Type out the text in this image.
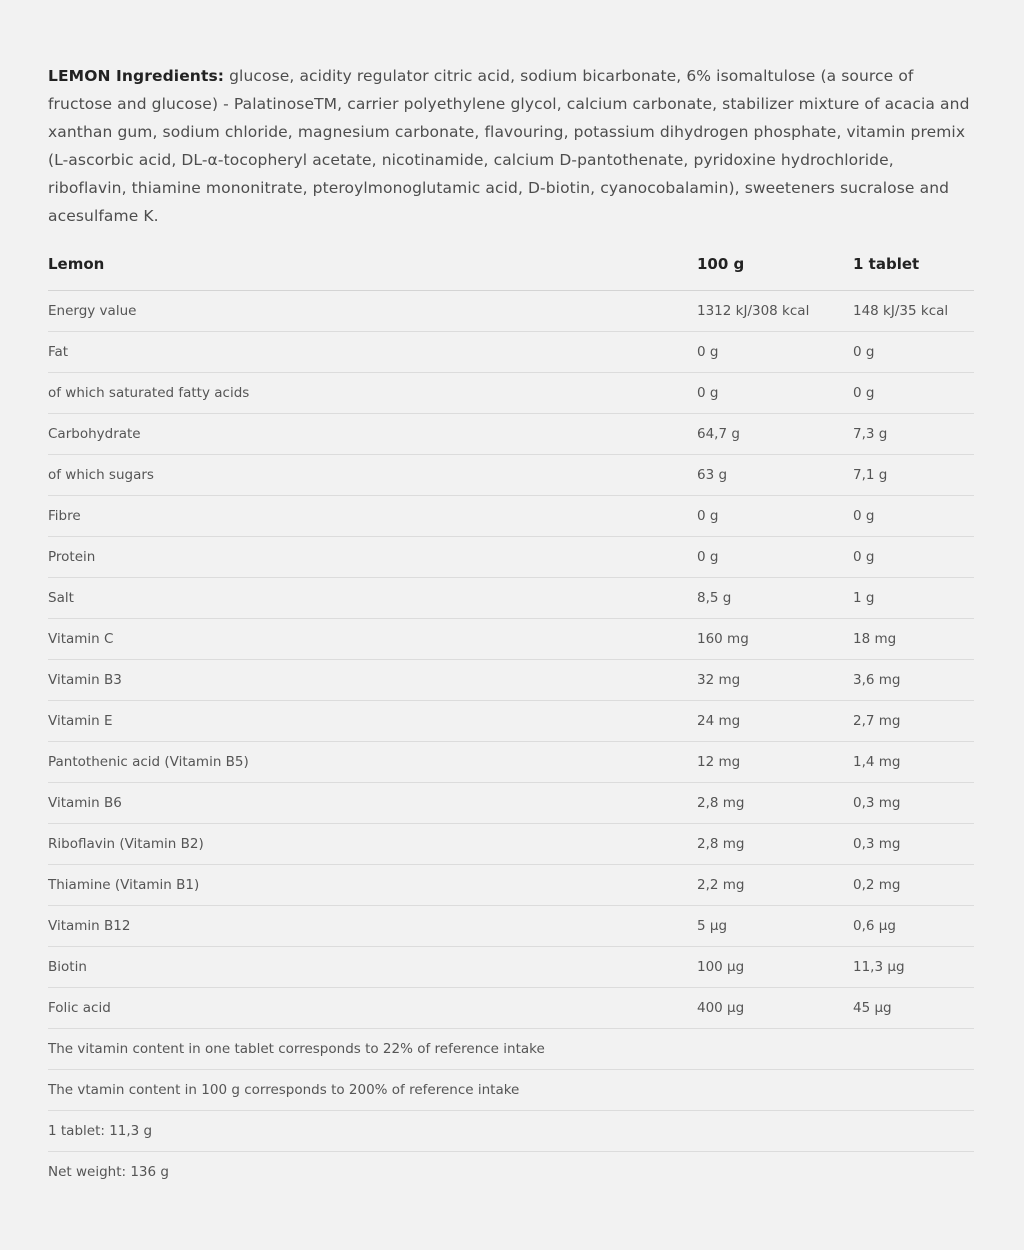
LEMON Ingredients: glucose, acidity regulator citric acid, sodium bicarbonate, 6% isomaltulose (a source of fructose and glucose) - PalatinoseTM, carrier polyethylene glycol, calcium carbonate, stabilizer mixture of acacia and xanthan gum, sodium chloride, magnesium carbonate, flavouring, potassium dihydrogen phosphate, vitamin premix (L-ascorbic acid, DL-α-tocopheryl acetate, nicotinamide, calcium D-pantothenate, pyridoxine hydrochloride, riboflavin, thiamine mononitrate, pteroylmonoglutamic acid, D-biotin, cyanocobalamin), sweeteners sucralose and acesulfame K.

Lemon	100 g	1 tablet
Energy value	1312 kJ/308 kcal	148 kJ/35 kcal
Fat	0 g	0 g
of which saturated fatty acids	0 g	0 g
Carbohydrate	64,7 g	7,3 g
of which sugars	63 g	7,1 g
Fibre	0 g	0 g
Protein	0 g	0 g
Salt	8,5 g	1 g
Vitamin C	160 mg	18 mg
Vitamin B3	32 mg	3,6 mg
Vitamin E	24 mg	2,7 mg
Pantothenic acid (Vitamin B5)	12 mg	1,4 mg
Vitamin B6	2,8 mg	0,3 mg
Riboflavin (Vitamin B2)	2,8 mg	0,3 mg
Thiamine (Vitamin B1)	2,2 mg	0,2 mg
Vitamin B12	5 µg	0,6 µg
Biotin	100 µg	11,3 µg
Folic acid	400 µg	45 µg
The vitamin content in one tablet corresponds to 22% of reference intake		
The vtamin content in 100 g corresponds to 200% of reference intake		
1 tablet: 11,3 g		
Net weight: 136 g		
